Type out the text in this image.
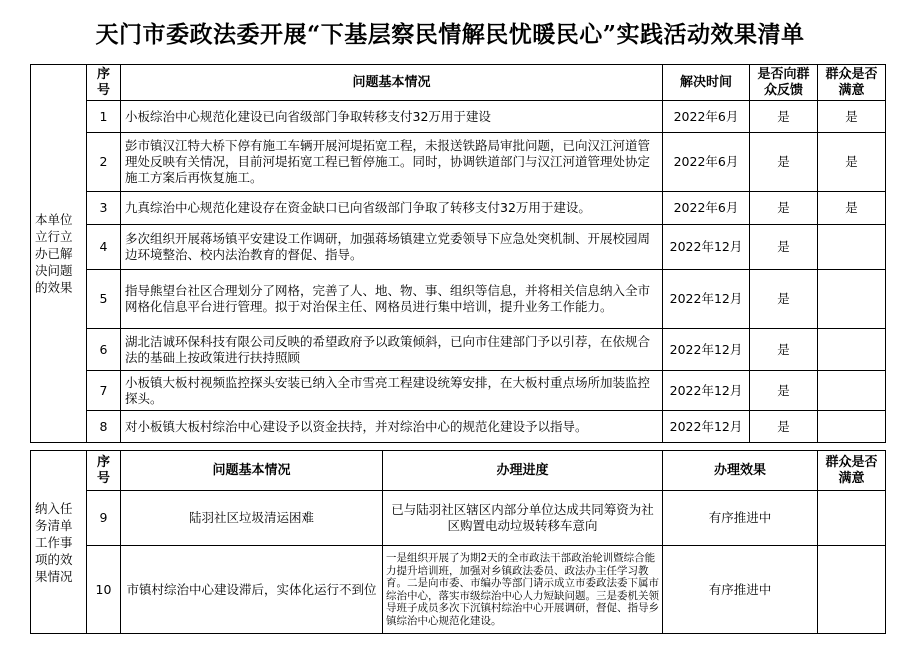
天门市委政法委开展“下基层察民情解民忧暖民心”实践活动效果清单
本单位立行立办已解决问题的效果	序号	问题基本情况	解决时间	是否向群众反馈	群众是否满意
	1	小板综治中心规范化建设已向省级部门争取转移支付32万用于建设	2022年6月	是	是
	2	彭市镇汉江特大桥下停有施工车辆开展河堤拓宽工程，未报送铁路局审批问题，已向汉江河道管理处反映有关情况，目前河堤拓宽工程已暂停施工。同时，协调铁道部门与汉江河道管理处协定施工方案后再恢复施工。	2022年6月	是	是
	3	九真综治中心规范化建设存在资金缺口已向省级部门争取了转移支付32万用于建设。	2022年6月	是	是
	4	多次组织开展蒋场镇平安建设工作调研，加强蒋场镇建立党委领导下应急处突机制、开展校园周边环境整治、校内法治教育的督促、指导。	2022年12月	是	
	5	指导熊望台社区合理划分了网格，完善了人、地、物、事、组织等信息，并将相关信息纳入全市网格化信息平台进行管理。拟于对治保主任、网格员进行集中培训，提升业务工作能力。	2022年12月	是	
	6	湖北洁诚环保科技有限公司反映的希望政府予以政策倾斜，已向市住建部门予以引荐，在依规合法的基础上按政策进行扶持照顾	2022年12月	是	
	7	小板镇大板村视频监控探头安装已纳入全市雪亮工程建设统筹安排，在大板村重点场所加装监控探头。	2022年12月	是	
	8	对小板镇大板村综治中心建设予以资金扶持，并对综治中心的规范化建设予以指导。	2022年12月	是	
纳入任务清单工作事项的效果情况	序号	问题基本情况	办理进度	办理效果	群众是否满意
	9	陆羽社区垃圾清运困难	已与陆羽社区辖区内部分单位达成共同筹资为社区购置电动垃圾转移车意向	有序推进中	
	10	市镇村综治中心建设滞后，实体化运行不到位	一是组织开展了为期2天的全市政法干部政治轮训暨综合能力提升培训班，加强对乡镇政法委员、政法办主任学习教育。二是向市委、市编办等部门请示成立市委政法委下属市综治中心，落实市级综治中心人力短缺问题。三是委机关领导班子成员多次下沉镇村综治中心开展调研，督促、指导乡镇综治中心规范化建设。	有序推进中	
